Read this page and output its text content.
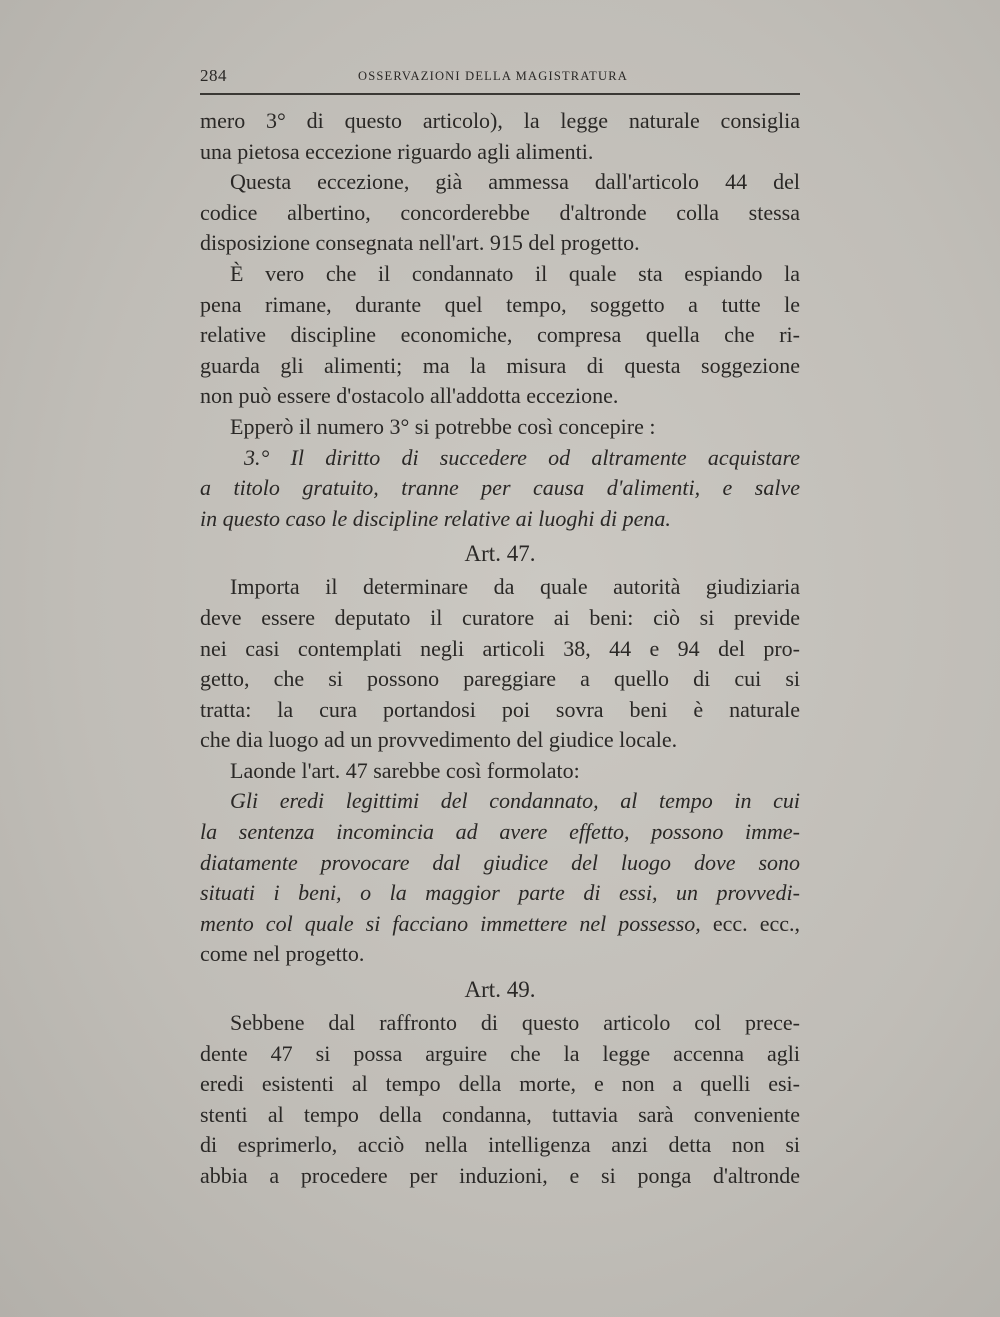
284	OSSERVAZIONI DELLA MAGISTRATURA
mero 3° di questo articolo), la legge naturale consiglia
una pietosa eccezione riguardo agli alimenti.
Questa eccezione, già ammessa dall'articolo 44 del
codice albertino, concorderebbe d'altronde colla stessa
disposizione consegnata nell'art. 915 del progetto.
È vero che il condannato il quale sta espiando la
pena rimane, durante quel tempo, soggetto a tutte le
relative discipline economiche, compresa quella che ri-
guarda gli alimenti; ma la misura di questa soggezione
non può essere d'ostacolo all'addotta eccezione.
Epperò il numero 3° si potrebbe così concepire :
3.° Il diritto di succedere od altramente acquistare
a titolo gratuito, tranne per causa d'alimenti, e salve
in questo caso le discipline relative ai luoghi di pena.
Art. 47.
Importa il determinare da quale autorità giudiziaria
deve essere deputato il curatore ai beni: ciò si previde
nei casi contemplati negli articoli 38, 44 e 94 del pro-
getto, che si possono pareggiare a quello di cui si
tratta: la cura portandosi poi sovra beni è naturale
che dia luogo ad un provvedimento del giudice locale.
Laonde l'art. 47 sarebbe così formolato:
Gli eredi legittimi del condannato, al tempo in cui
la sentenza incomincia ad avere effetto, possono imme-
diatamente provocare dal giudice del luogo dove sono
situati i beni, o la maggior parte di essi, un provvedi-
mento col quale si facciano immettere nel possesso, ecc. ecc.,
come nel progetto.
Art. 49.
Sebbene dal raffronto di questo articolo col prece-
dente 47 si possa arguire che la legge accenna agli
eredi esistenti al tempo della morte, e non a quelli esi-
stenti al tempo della condanna, tuttavia sarà conveniente
di esprimerlo, acciò nella intelligenza anzi detta non si
abbia a procedere per induzioni, e si ponga d'altronde
